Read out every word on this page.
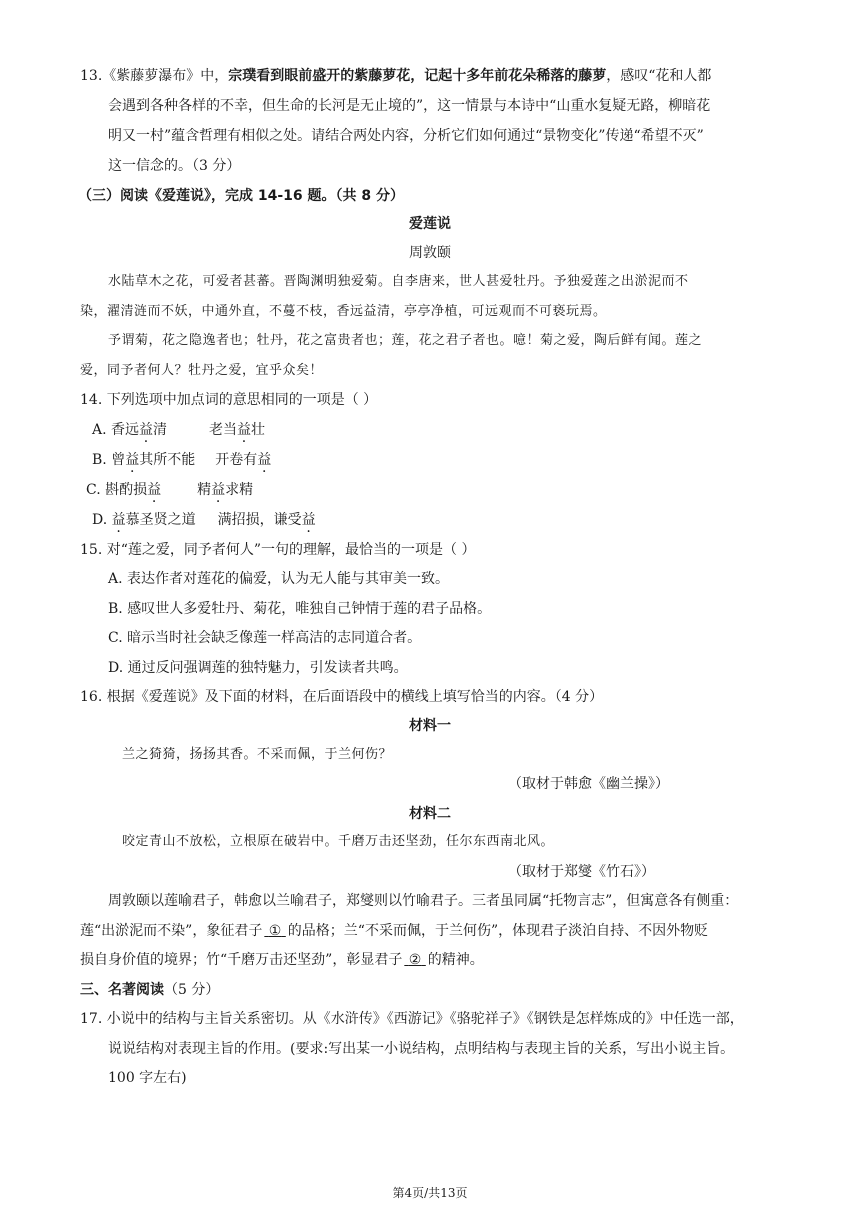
13.《紫藤萝瀑布》中，宗璞看到眼前盛开的紫藤萝花，记起十多年前花朵稀落的藤萝，感叹“花和人都
会遇到各种各样的不幸，但生命的长河是无止境的”，这一情景与本诗中“山重水复疑无路，柳暗花
明又一村”蕴含哲理有相似之处。请结合两处内容，分析它们如何通过“景物变化”传递“希望不灭”
这一信念的。（3 分）
（三）阅读《爱莲说》，完成 14-16 题。（共 8 分）
爱莲说
周敦颐
水陆草木之花，可爱者甚蕃。晋陶渊明独爱菊。自李唐来，世人甚爱牡丹。予独爱莲之出淤泥而不
染，濯清涟而不妖，中通外直，不蔓不枝，香远益清，亭亭净植，可远观而不可亵玩焉。
予谓菊，花之隐逸者也；牡丹，花之富贵者也；莲，花之君子者也。噫！菊之爱，陶后鲜有闻。莲之
爱，同予者何人？牡丹之爱，宜乎众矣！
14. 下列选项中加点词的意思相同的一项是（ ）
A. 香远益清	老当益壮
B. 曾益其所不能 开卷有益
C. 斟酌损益	精益求精
D. 益慕圣贤之道 满招损，谦受益
15. 对“莲之爱，同予者何人”一句的理解，最恰当的一项是（ ）
A. 表达作者对莲花的偏爱，认为无人能与其审美一致。
B. 感叹世人多爱牡丹、菊花，唯独自己钟情于莲的君子品格。
C. 暗示当时社会缺乏像莲一样高洁的志同道合者。
D. 通过反问强调莲的独特魅力，引发读者共鸣。
16. 根据《爱莲说》及下面的材料，在后面语段中的横线上填写恰当的内容。（4 分）
材料一
兰之猗猗，扬扬其香。不采而佩，于兰何伤？
（取材于韩愈《幽兰操》）
材料二
咬定青山不放松，立根原在破岩中。千磨万击还坚劲，任尔东西南北风。
（取材于郑燮《竹石》）
周敦颐以莲喻君子，韩愈以兰喻君子，郑燮则以竹喻君子。三者虽同属“托物言志”，但寓意各有侧重：
莲“出淤泥而不染”，象征君子 ① 的品格；兰“不采而佩，于兰何伤”，体现君子淡泊自持、不因外物贬
损自身价值的境界；竹“千磨万击还坚劲”，彰显君子 ② 的精神。
三、名著阅读（5 分）
17. 小说中的结构与主旨关系密切。从《水浒传》《西游记》《骆驼祥子》《钢铁是怎样炼成的》中任选一部，
说说结构对表现主旨的作用。(要求:写出某一小说结构，点明结构与表现主旨的关系，写出小说主旨。
100 字左右)
第4页/共13页
